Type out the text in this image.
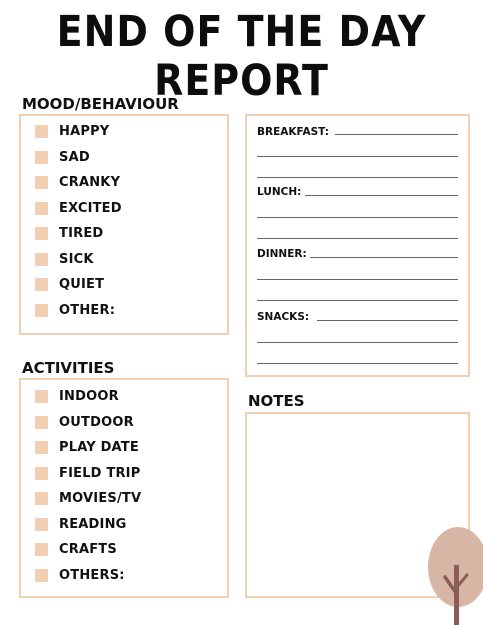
END OF THE DAY REPORT
MOOD/BEHAVIOUR
HAPPY
SAD
CRANKY
EXCITED
TIRED
SICK
QUIET
OTHER:
ACTIVITIES
INDOOR
OUTDOOR
PLAY DATE
FIELD TRIP
MOVIES/TV
READING
CRAFTS
OTHERS:
BREAKFAST:
LUNCH:
DINNER:
SNACKS:
NOTES
